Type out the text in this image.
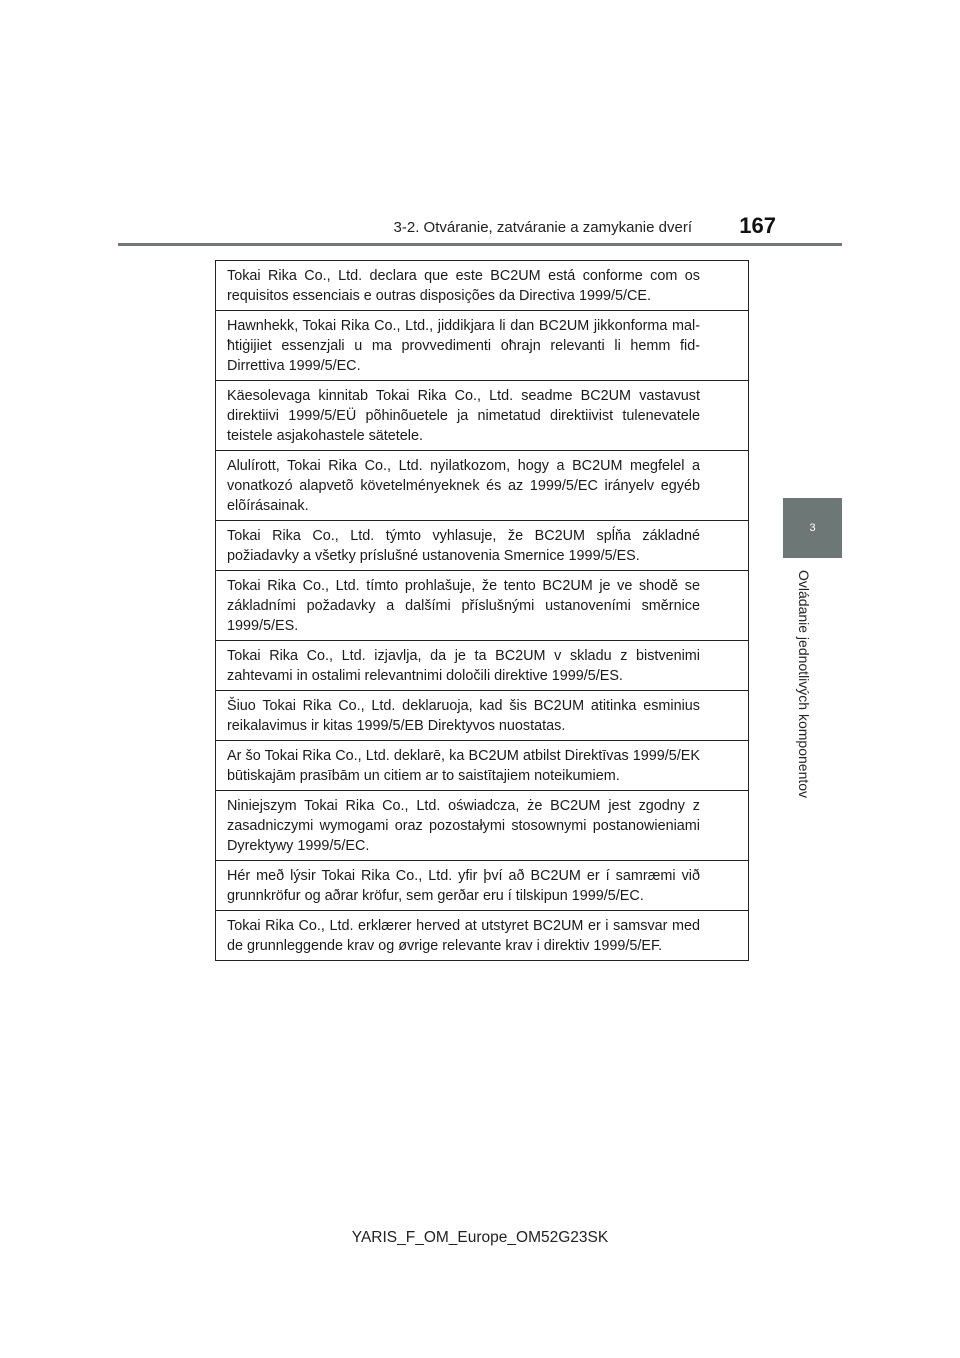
3-2. Otváranie, zatváranie a zamykanie dverí	167
3
Ovládanie jednotlivých komponentov
Tokai Rika Co., Ltd. declara que este BC2UM está conforme com os requisitos essenciais e outras disposições da Directiva 1999/5/CE.
Hawnhekk, Tokai Rika Co., Ltd., jiddikjara li dan BC2UM jikkonforma mal-ħtiġijiet essenzjali u ma provvedimenti oħrajn relevanti li hemm fid-Dirrettiva 1999/5/EC.
Käesolevaga kinnitab Tokai Rika Co., Ltd. seadme BC2UM vastavust direktiivi 1999/5/EÜ põhinõuetele ja nimetatud direktiivist tulenevatele teistele asjakohastele sätetele.
Alulírott, Tokai Rika Co., Ltd. nyilatkozom, hogy a BC2UM megfelel a vonatkozó alapvetõ követelményeknek és az 1999/5/EC irányelv egyéb elõírásainak.
Tokai Rika Co., Ltd. týmto vyhlasuje, že BC2UM spĺňa základné požiadavky a všetky príslušné ustanovenia Smernice 1999/5/ES.
Tokai Rika Co., Ltd. tímto prohlašuje, že tento BC2UM je ve shodě se základními požadavky a dalšími příslušnými ustanoveními směrnice 1999/5/ES.
Tokai Rika Co., Ltd. izjavlja, da je ta BC2UM v skladu z bistvenimi zahtevami in ostalimi relevantnimi določili direktive 1999/5/ES.
Šiuo Tokai Rika Co., Ltd. deklaruoja, kad šis BC2UM atitinka esminius reikalavimus ir kitas 1999/5/EB Direktyvos nuostatas.
Ar šo Tokai Rika Co., Ltd. deklarē, ka BC2UM atbilst Direktīvas 1999/5/EK būtiskajām prasībām un citiem ar to saistītajiem noteikumiem.
Niniejszym Tokai Rika Co., Ltd. oświadcza, że BC2UM jest zgodny z zasadniczymi wymogami oraz pozostałymi stosownymi postanowieniami Dyrektywy 1999/5/EC.
Hér með lýsir Tokai Rika Co., Ltd. yfir því að BC2UM er í samræmi við grunnkröfur og aðrar kröfur, sem gerðar eru í tilskipun 1999/5/EC.
Tokai Rika Co., Ltd. erklærer herved at utstyret BC2UM er i samsvar med de grunnleggende krav og øvrige relevante krav i direktiv 1999/5/EF.
YARIS_F_OM_Europe_OM52G23SK
